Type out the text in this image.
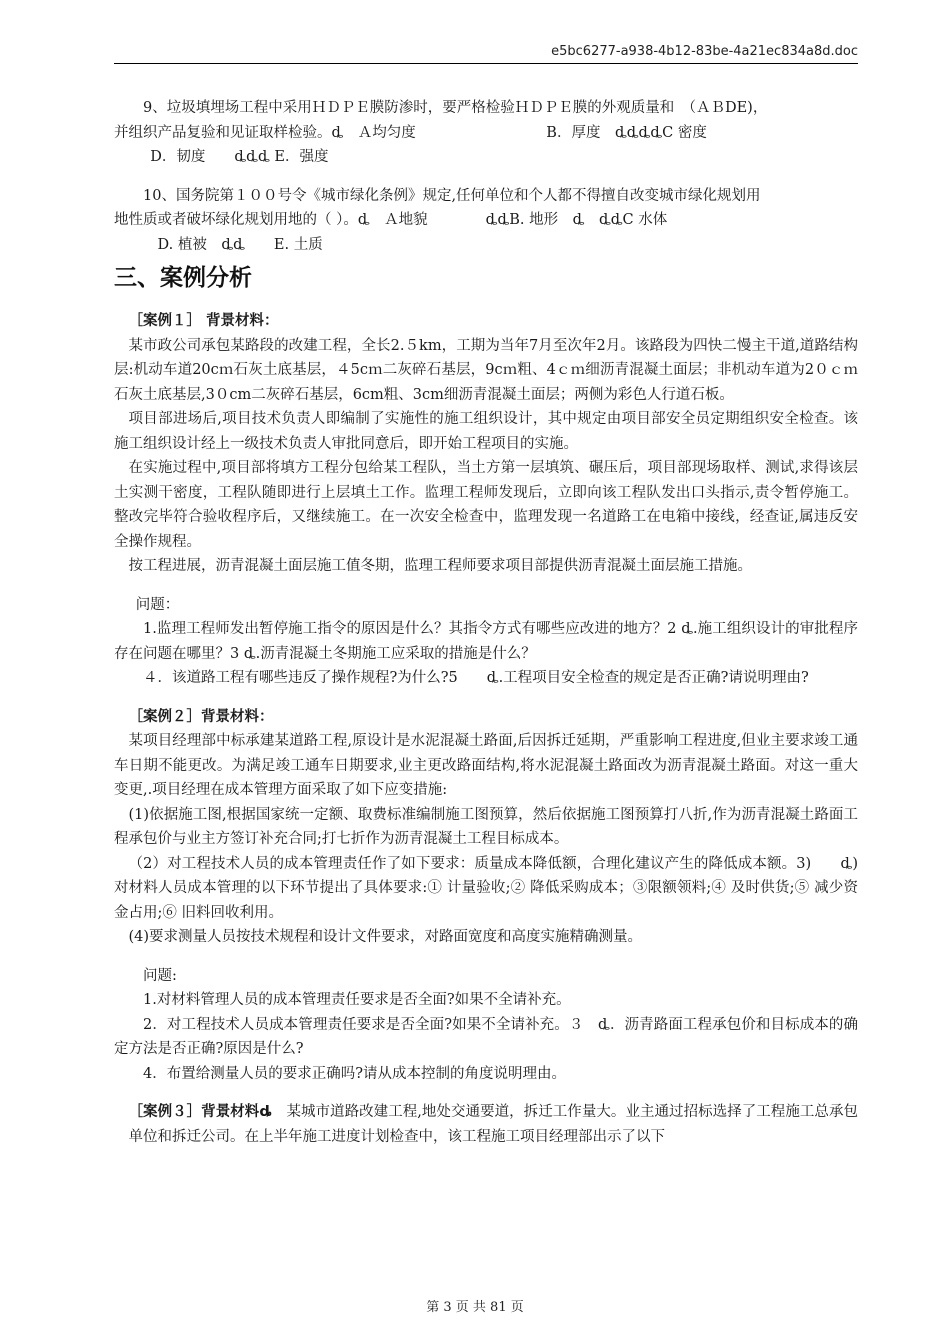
e5bc6277-a938-4b12-83be-4a21ec834a8d.doc

9、垃圾填埋场工程中采用ＨＤＰＥ膜防渗时，要严格检验ＨＤＰＥ膜的外观质量和　（ＡＢDE)，

并组织产品复验和见证取样检验。ȡ　Ａ均匀度　　　　　　　　　B．厚度　ȡȡȡȡC 密度

D．韧度　　ȡȡȡ E．强度

10、国务院第１００号令《城市绿化条例》规定,任何单位和个人都不得擅自改变城市绿化规划用

地性质或者破坏绿化规划用地的（ ）。ȡ　Ａ地貌　　　　ȡȡB. 地形　ȡ　ȡȡC 水体

D. 植被　ȡȡ　　E. 土质

三、案例分析

［案例１］ 背景材料：

某市政公司承包某路段的改建工程，全长2.５km，工期为当年7月至次年2月。该路段为四快二慢主干道,道路结构层:机动车道20cｍ石灰土底基层，４5cｍ二灰碎石基层，9cｍ粗、4ｃｍ细沥青混凝土面层；非机动车道为2０ｃｍ石灰土底基层,3０cm二灰碎石基层，6cm粗、3cm细沥青混凝土面层；两侧为彩色人行道石板。

项目部进场后,项目技术负责人即编制了实施性的施工组织设计，其中规定由项目部安全员定期组织安全检查。该施工组织设计经上一级技术负责人审批同意后，即开始工程项目的实施。

在实施过程中,项目部将填方工程分包给某工程队，当土方第一层填筑、碾压后，项目部现场取样、测试,求得该层土实测干密度，工程队随即进行上层填土工作。监理工程师发现后，立即向该工程队发出口头指示,责令暂停施工。整改完毕符合验收程序后，又继续施工。在一次安全检查中，监理发现一名道路工在电箱中接线，经查证,属违反安全操作规程。

按工程进展，沥青混凝土面层施工值冬期，监理工程师要求项目部提供沥青混凝土面层施工措施。

问题：

1.监理工程师发出暂停施工指令的原因是什么？其指令方式有哪些应改进的地方？2 ȡ.施工组织设计的审批程序存在问题在哪里？3 ȡ.沥青混凝土冬期施工应采取的措施是什么？

４．该道路工程有哪些违反了操作规程?为什么?5　　ȡ.工程项目安全检查的规定是否正确?请说明理由?

［案例２］背景材料：

某项目经理部中标承建某道路工程,原设计是水泥混凝土路面,后因拆迁延期，严重影响工程进度,但业主要求竣工通车日期不能更改。为满足竣工通车日期要求,业主更改路面结构,将水泥混凝土路面改为沥青混凝土路面。对这一重大变更,.项目经理在成本管理方面采取了如下应变措施:

(1)依据施工图,根据国家统一定额、取费标准编制施工图预算，然后依据施工图预算打八折,作为沥青混凝土路面工程承包价与业主方签订补充合同;打七折作为沥青混凝土工程目标成本。

（2）对工程技术人员的成本管理责任作了如下要求：质量成本降低额，合理化建议产生的降低成本额。3)　　ȡ)对材料人员成本管理的以下环节提出了具体要求:① 计量验收;② 降低采购成本；③限额领料;④ 及时供货;⑤ 减少资金占用;⑥ 旧料回收利用。

(4)要求测量人员按技术规程和设计文件要求，对路面宽度和高度实施精确测量。

问题:

1.对材料管理人员的成本管理责任要求是否全面?如果不全请补充。

2．对工程技术人员成本管理责任要求是否全面?如果不全请补充。３　ȡ．沥青路面工程承包价和目标成本的确定方法是否正确?原因是什么?

4．布置给测量人员的要求正确吗?请从成本控制的角度说明理由。

［案例３］背景材料ȡ　某城市道路改建工程,地处交通要道，拆迁工作量大。业主通过招标选择了工程施工总承包单位和拆迁公司。在上半年施工进度计划检查中，该工程施工项目经理部出示了以下

第 3 页 共 81 页
